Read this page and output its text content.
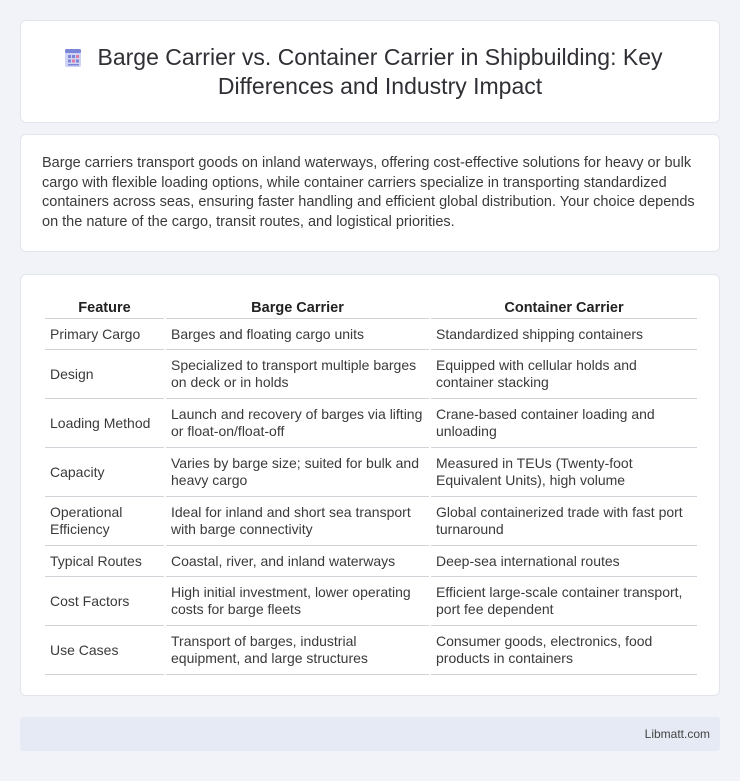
Barge Carrier vs. Container Carrier in Shipbuilding: Key Differences and Industry Impact

Barge carriers transport goods on inland waterways, offering cost-effective solutions for heavy or bulk cargo with flexible loading options, while container carriers specialize in transporting standardized containers across seas, ensuring faster handling and efficient global distribution. Your choice depends on the nature of the cargo, transit routes, and logistical priorities.

Feature	Barge Carrier	Container Carrier
Primary Cargo	Barges and floating cargo units	Standardized shipping containers
Design	Specialized to transport multiple barges on deck or in holds	Equipped with cellular holds and container stacking
Loading Method	Launch and recovery of barges via lifting or float-on/float-off	Crane-based container loading and unloading
Capacity	Varies by barge size; suited for bulk and heavy cargo	Measured in TEUs (Twenty-foot Equivalent Units), high volume
Operational Efficiency	Ideal for inland and short sea transport with barge connectivity	Global containerized trade with fast port turnaround
Typical Routes	Coastal, river, and inland waterways	Deep-sea international routes
Cost Factors	High initial investment, lower operating costs for barge fleets	Efficient large-scale container transport, port fee dependent
Use Cases	Transport of barges, industrial equipment, and large structures	Consumer goods, electronics, food products in containers
Libmatt.com
